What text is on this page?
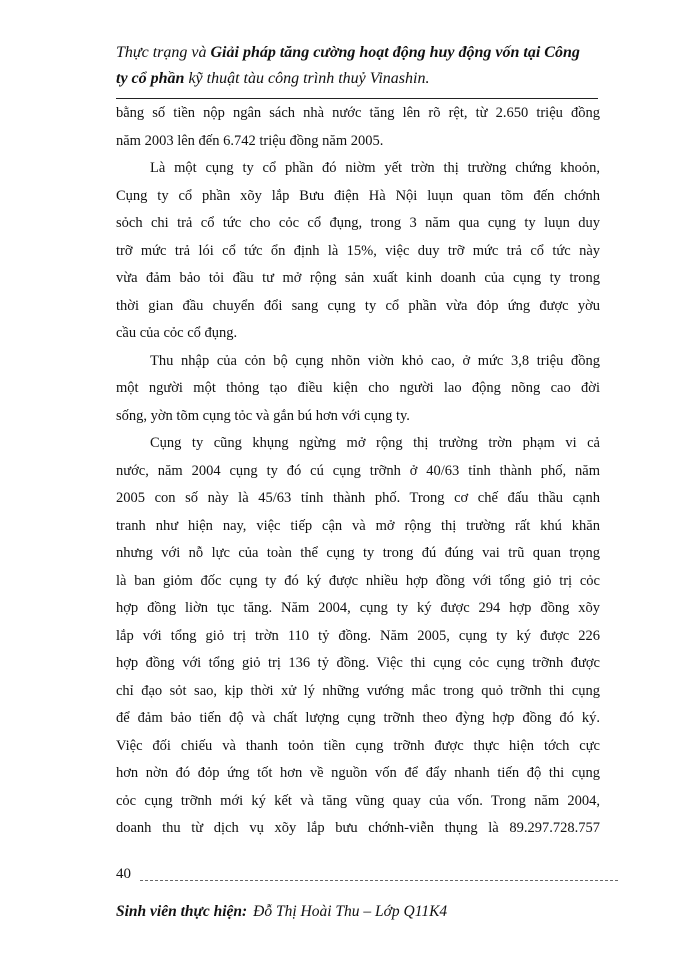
Thực trạng và Giải pháp tăng cường hoạt động huy động vốn tại Công
ty cổ phần kỹ thuật tàu công trình thuỷ Vinashin.
bằng số tiền nộp ngân sách nhà nước tăng lên rõ rệt, từ 2.650 triệu đồng
năm 2003 lên đến 6.742 triệu đồng năm 2005.
Là một cụng ty cổ phần đó niờm yết trờn thị trường chứng khoỏn,
Cụng ty cổ phần xõy lắp Bưu điện Hà Nội luụn quan tõm đến chớnh
sỏch chi trả cổ tức cho cỏc cổ đụng, trong 3 năm qua cụng ty luụn duy
trỡ mức trả lói cổ tức ổn định là 15%, việc duy trỡ mức trả cổ tức này
vừa đảm bảo tỏi đầu tư mở rộng sản xuất kinh doanh của cụng ty trong
thời gian đầu chuyển đổi sang cụng ty cổ phần vừa đỏp ứng được yờu
cầu của cỏc cổ đụng.
Thu nhập của cỏn bộ cụng nhõn viờn khỏ cao, ở mức 3,8 triệu đồng
một người một thỏng tạo điều kiện cho người lao động nõng cao đời
sống, yờn tõm cụng tỏc và gắn bú hơn với cụng ty.
Cụng ty cũng khụng ngừng mở rộng thị trường trờn phạm vi cả
nước, năm 2004 cụng ty đó cú cụng trỡnh ở 40/63 tỉnh thành phố, năm
2005 con số này là 45/63 tỉnh thành phố. Trong cơ chế đấu thầu cạnh
tranh như hiện nay, việc tiếp cận và mở rộng thị trường rất khú khăn
nhưng với nỗ lực của toàn thể cụng ty trong đú đúng vai trũ quan trọng
là ban giỏm đốc cụng ty đó ký được nhiều hợp đồng với tổng giỏ trị cỏc
hợp đồng liờn tục tăng. Năm 2004, cụng ty ký được 294 hợp đồng xõy
lắp với tổng giỏ trị trờn 110 tỷ đồng. Năm 2005, cụng ty ký được 226
hợp đồng với tổng giỏ trị 136 tỷ đồng. Việc thi cụng cỏc cụng trỡnh được
chỉ đạo sỏt sao, kịp thời xử lý những vướng mắc trong quỏ trỡnh thi cụng
để đảm bảo tiến độ và chất lượng cụng trỡnh theo đỳng hợp đồng đó ký.
Việc đối chiếu và thanh toỏn tiền cụng trỡnh được thực hiện tớch cực
hơn nờn đó đỏp ứng tốt hơn về nguồn vốn để đẩy nhanh tiến độ thi cụng
cỏc cụng trỡnh mới ký kết và tăng vũng quay của vốn. Trong năm 2004,
doanh thu từ dịch vụ xõy lắp bưu chớnh-viễn thụng là 89.297.728.757
40
Sinh viên thực hiện: Đỗ Thị Hoài Thu – Lớp Q11K4
